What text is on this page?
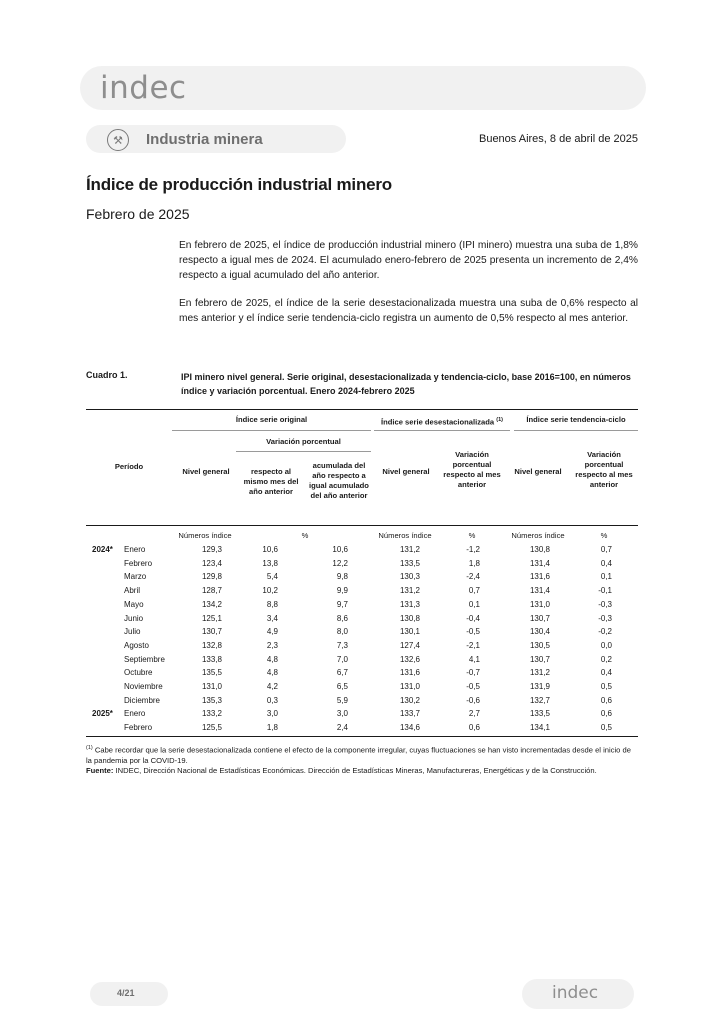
indec
⚒	Industria minera	Buenos Aires, 8 de abril de 2025
Índice de producción industrial minero
Febrero de 2025
En febrero de 2025, el índice de producción industrial minero (IPI minero) muestra una suba de 1,8% respecto a igual mes de 2024. El acumulado enero-febrero de 2025 presenta un incremento de 2,4% respecto a igual acumulado del año anterior.
En febrero de 2025, el índice de la serie desestacionalizada muestra una suba de 0,6% respecto al mes anterior y el índice serie tendencia-ciclo registra un aumento de 0,5% respecto al mes anterior.
Cuadro 1.	IPI minero nivel general. Serie original, desestacionalizada y tendencia-ciclo, base 2016=100, en números índice y variación porcentual. Enero 2024-febrero 2025
Índice serie original	Índice serie desestacionalizada $^{(1)}$	Índice serie tendencia-ciclo
Variación porcentual
Período
Nivel general	respecto al mismo mes del año anterior
acumulada del año respecto a igual acumulado del año anterior
Nivel general
Variación porcentual respecto al mes anterior
Nivel general
Variación porcentual respecto al mes anterior
Números índice	%	Números índice	%	Números índice	%
2024*	Enero	129,3	10,6	10,6	131,2	-1,2	130,8	0,7
Febrero	123,4	13,8	12,2	133,5	1,8	131,4	0,4
Marzo	129,8	5,4	9,8	130,3	-2,4	131,6	0,1
Abril	128,7	10,2	9,9	131,2	0,7	131,4	-0,1
Mayo	134,2	8,8	9,7	131,3	0,1	131,0	-0,3
Junio	125,1	3,4	8,6	130,8	-0,4	130,7	-0,3
Julio	130,7	4,9	8,0	130,1	-0,5	130,4	-0,2
Agosto	132,8	2,3	7,3	127,4	-2,1	130,5	0,0
Septiembre	133,8	4,8	7,0	132,6	4,1	130,7	0,2
Octubre	135,5	4,8	6,7	131,6	-0,7	131,2	0,4
Noviembre	131,0	4,2	6,5	131,0	-0,5	131,9	0,5
Diciembre	135,3	0,3	5,9	130,2	-0,6	132,7	0,6
2025*	Enero	133,2	3,0	3,0	133,7	2,7	133,5	0,6
Febrero	125,5	1,8	2,4	134,6	0,6	134,1	0,5
$^{(1)}$ Cabe recordar que la serie desestacionalizada contiene el efecto de la componente irregular, cuyas fluctuaciones se han visto incrementadas desde el inicio de la pandemia por la COVID-19.
Fuente: INDEC, Dirección Nacional de Estadísticas Económicas. Dirección de Estadísticas Mineras, Manufactureras, Energéticas y de la Construcción.
4/21	indec
